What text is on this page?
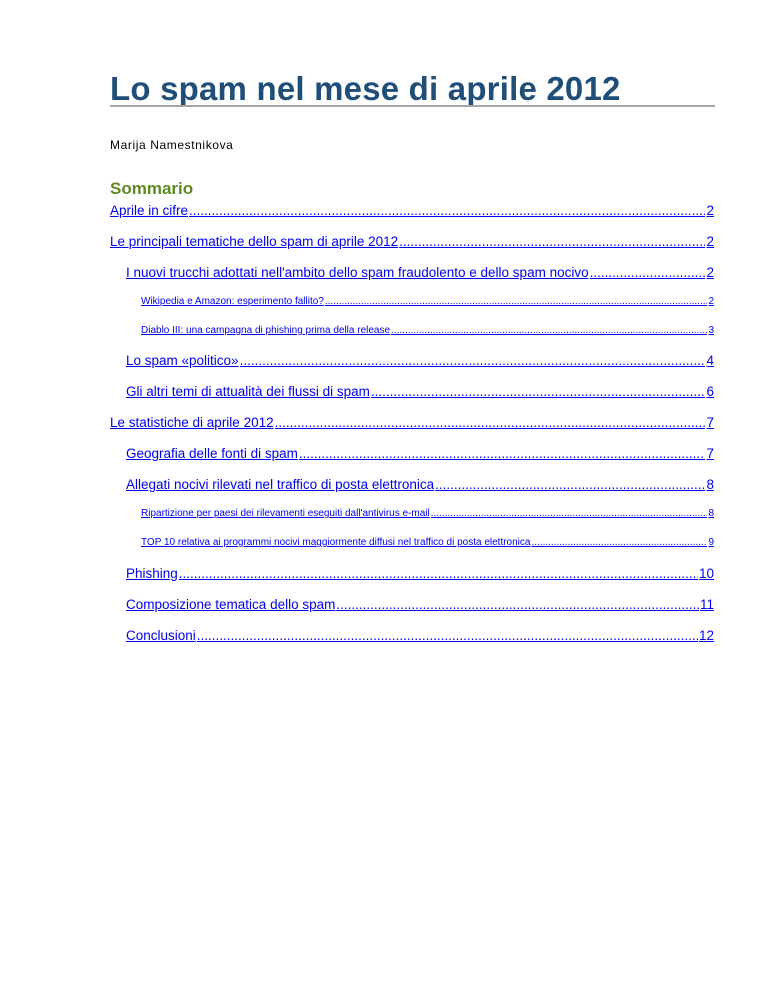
Lo spam nel mese di aprile 2012
Marija Namestnikova
Sommario
Aprile in cifre .....	2
Le principali tematiche dello spam di aprile 2012 .....	2
I nuovi trucchi adottati nell'ambito dello spam fraudolento e dello spam nocivo .....	2
Wikipedia e Amazon: esperimento fallito? .....	2
Diablo III: una campagna di phishing prima della release .....	3
Lo spam «politico» .....	4
Gli altri temi di attualità dei flussi di spam .....	6
Le statistiche di aprile 2012 .....	7
Geografia delle fonti di spam .....	7
Allegati nocivi rilevati nel traffico di posta elettronica .....	8
Ripartizione per paesi dei rilevamenti eseguiti dall'antivirus e-mail .....	8
TOP 10 relativa ai programmi nocivi maggiormente diffusi nel traffico di posta elettronica .....	9
Phishing .....	10
Composizione tematica dello spam .....	11
Conclusioni .....	12
